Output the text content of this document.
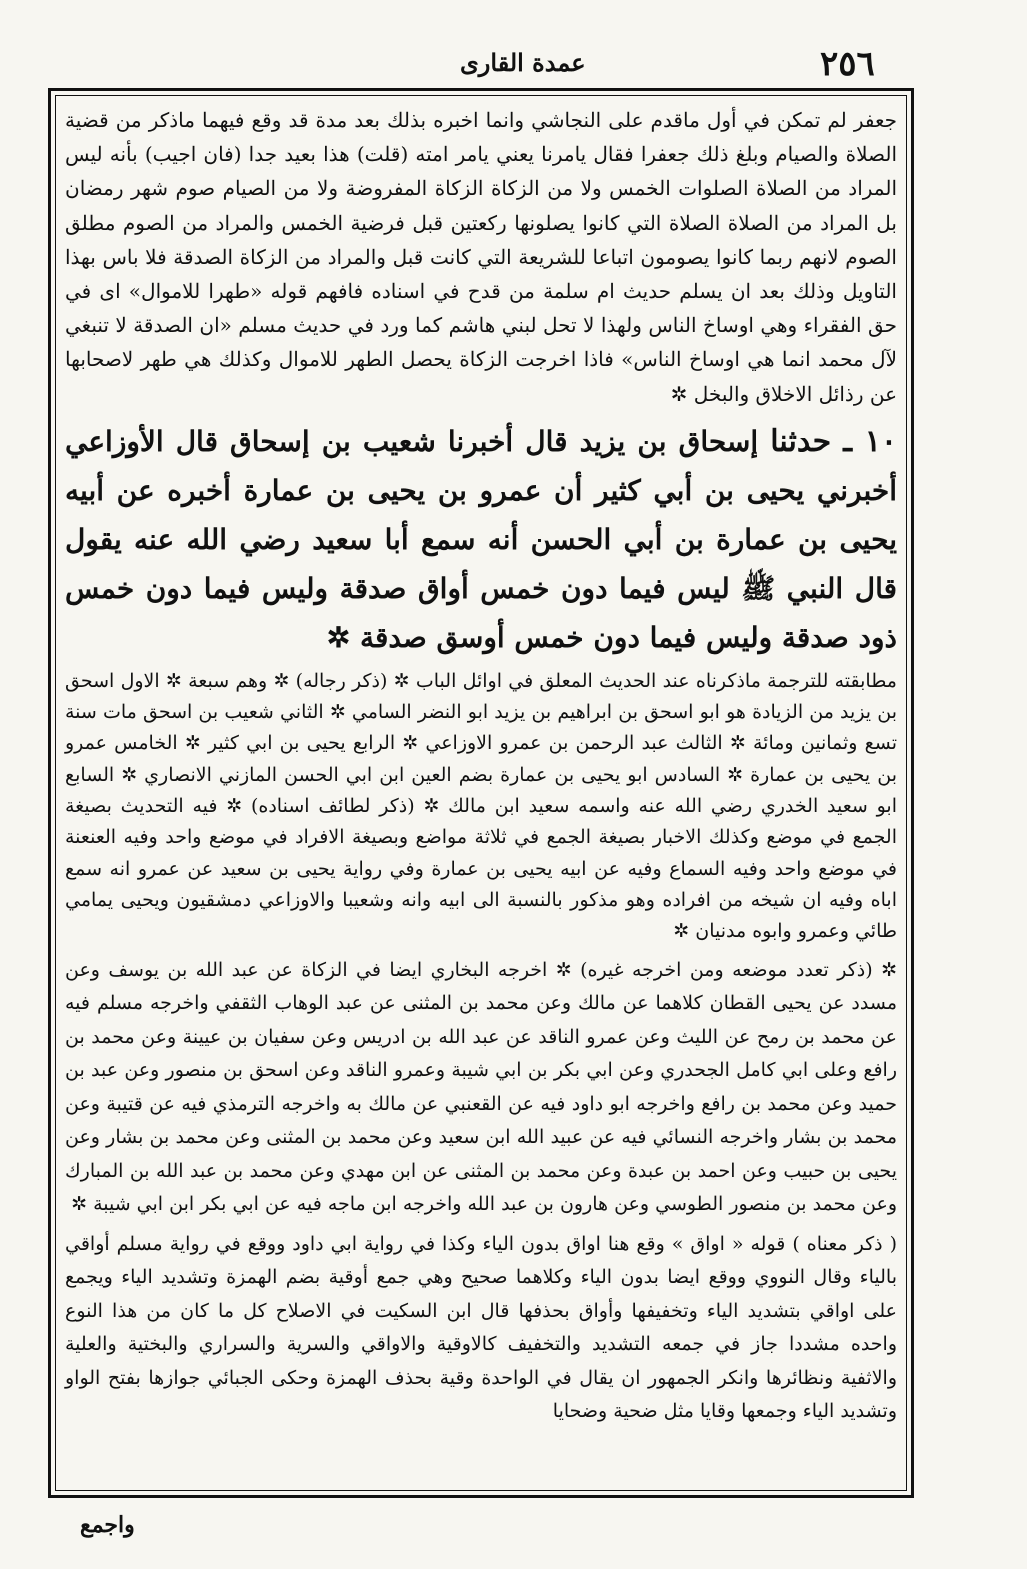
٢٥٦
عمدة القارى

جعفر لم تمكن في أول ماقدم على النجاشي وانما اخبره بذلك بعد مدة قد وقع فيهما ماذكر من قضية الصلاة والصيام وبلغ ذلك جعفرا فقال يامرنا يعني يامر امته (قلت) هذا بعيد جدا (فان اجيب) بأنه ليس المراد من الصلاة الصلوات الخمس ولا من الزكاة الزكاة المفروضة ولا من الصيام صوم شهر رمضان بل المراد من الصلاة الصلاة التي كانوا يصلونها ركعتين قبل فرضية الخمس والمراد من الصوم مطلق الصوم لانهم ربما كانوا يصومون اتباعا للشريعة التي كانت قبل والمراد من الزكاة الصدقة فلا باس بهذا التاويل وذلك بعد ان يسلم حديث ام سلمة من قدح في اسناده فافهم قوله «طهرا للاموال» اى في حق الفقراء وهي اوساخ الناس ولهذا لا تحل لبني هاشم كما ورد في حديث مسلم «ان الصدقة لا تنبغي لآل محمد انما هي اوساخ الناس» فاذا اخرجت الزكاة يحصل الطهر للاموال وكذلك هي طهر لاصحابها عن رذائل الاخلاق والبخل ✲

١٠ ـ حدثنا إسحاق بن يزيد قال أخبرنا شعيب بن إسحاق قال الأوزاعي أخبرني يحيى بن أبي كثير أن عمرو بن يحيى بن عمارة أخبره عن أبيه يحيى بن عمارة بن أبي الحسن أنه سمع أبا سعيد رضي الله عنه يقول قال النبي ﷺ ليس فيما دون خمس أواق صدقة وليس فيما دون خمس ذود صدقة وليس فيما دون خمس أوسق صدقة ✲

مطابقته للترجمة ماذكرناه عند الحديث المعلق في اوائل الباب ✲ (ذكر رجاله) ✲ وهم سبعة ✲ الاول اسحق بن يزيد من الزيادة هو ابو اسحق بن ابراهيم بن يزيد ابو النضر السامي ✲ الثاني شعيب بن اسحق مات سنة تسع وثمانين ومائة ✲ الثالث عبد الرحمن بن عمرو الاوزاعي ✲ الرابع يحيى بن ابي كثير ✲ الخامس عمرو بن يحيى بن عمارة ✲ السادس ابو يحيى بن عمارة بضم العين ابن ابي الحسن المازني الانصاري ✲ السابع ابو سعيد الخدري رضي الله عنه واسمه سعيد ابن مالك ✲ (ذكر لطائف اسناده) ✲ فيه التحديث بصيغة الجمع في موضع وكذلك الاخبار بصيغة الجمع في ثلاثة مواضع وبصيغة الافراد في موضع واحد وفيه العنعنة في موضع واحد وفيه السماع وفيه عن ابيه يحيى بن عمارة وفي رواية يحيى بن سعيد عن عمرو انه سمع اباه وفيه ان شيخه من افراده وهو مذكور بالنسبة الى ابيه وانه وشعيبا والاوزاعي دمشقيون ويحيى يمامي طائي وعمرو وابوه مدنيان ✲

✲ (ذكر تعدد موضعه ومن اخرجه غيره) ✲ اخرجه البخاري ايضا في الزكاة عن عبد الله بن يوسف وعن مسدد عن يحيى القطان كلاهما عن مالك وعن محمد بن المثنى عن عبد الوهاب الثقفي واخرجه مسلم فيه عن محمد بن رمح عن الليث وعن عمرو الناقد عن عبد الله بن ادريس وعن سفيان بن عيينة وعن محمد بن رافع وعلى ابي كامل الجحدري وعن ابي بكر بن ابي شيبة وعمرو الناقد وعن اسحق بن منصور وعن عبد بن حميد وعن محمد بن رافع واخرجه ابو داود فيه عن القعنبي عن مالك به واخرجه الترمذي فيه عن قتيبة وعن محمد بن بشار واخرجه النسائي فيه عن عبيد الله ابن سعيد وعن محمد بن المثنى وعن محمد بن بشار وعن يحيى بن حبيب وعن احمد بن عبدة وعن محمد بن المثنى عن ابن مهدي وعن محمد بن عبد الله بن المبارك وعن محمد بن منصور الطوسي وعن هارون بن عبد الله واخرجه ابن ماجه فيه عن ابي بكر ابن ابي شيبة ✲

( ذكر معناه ) قوله « اواق » وقع هنا اواق بدون الياء وكذا في رواية ابي داود ووقع في رواية مسلم أواقي بالياء وقال النووي ووقع ايضا بدون الياء وكلاهما صحيح وهي جمع أوقية بضم الهمزة وتشديد الياء ويجمع على اواقي بتشديد الياء وتخفيفها وأواق بحذفها قال ابن السكيت في الاصلاح كل ما كان من هذا النوع واحده مشددا جاز في جمعه التشديد والتخفيف كالاوقية والاواقي والسرية والسراري والبختية والعلية والاثفية ونظائرها وانكر الجمهور ان يقال في الواحدة وقية بحذف الهمزة وحكى الجبائي جوازها بفتح الواو وتشديد الياء وجمعها وقايا مثل ضحية وضحايا

واجمع
